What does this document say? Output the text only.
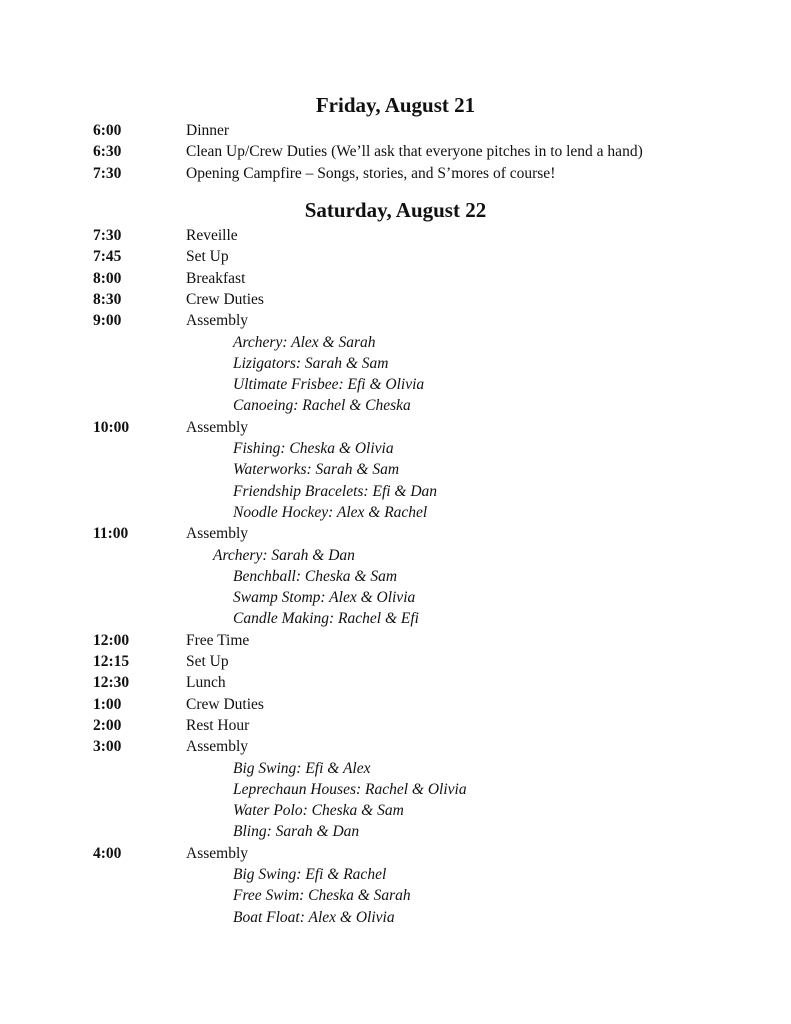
Friday, August 21
6:00	Dinner
6:30	Clean Up/Crew Duties (We’ll ask that everyone pitches in to lend a hand)
7:30	Opening Campfire – Songs, stories, and S’mores of course!
Saturday, August 22
7:30	Reveille
7:45	Set Up
8:00	Breakfast
8:30	Crew Duties
9:00	Assembly
Archery: Alex & Sarah
Lizigators: Sarah & Sam
Ultimate Frisbee: Efi & Olivia
Canoeing: Rachel & Cheska
10:00	Assembly
Fishing: Cheska & Olivia
Waterworks: Sarah & Sam
Friendship Bracelets: Efi & Dan
Noodle Hockey: Alex & Rachel
11:00	Assembly
Archery: Sarah & Dan
Benchball: Cheska & Sam
Swamp Stomp: Alex & Olivia
Candle Making: Rachel & Efi
12:00	Free Time
12:15	Set Up
12:30	Lunch
1:00	Crew Duties
2:00	Rest Hour
3:00	Assembly
Big Swing: Efi & Alex
Leprechaun Houses: Rachel & Olivia
Water Polo: Cheska & Sam
Bling: Sarah & Dan
4:00	Assembly
Big Swing: Efi & Rachel
Free Swim: Cheska & Sarah
Boat Float: Alex & Olivia
